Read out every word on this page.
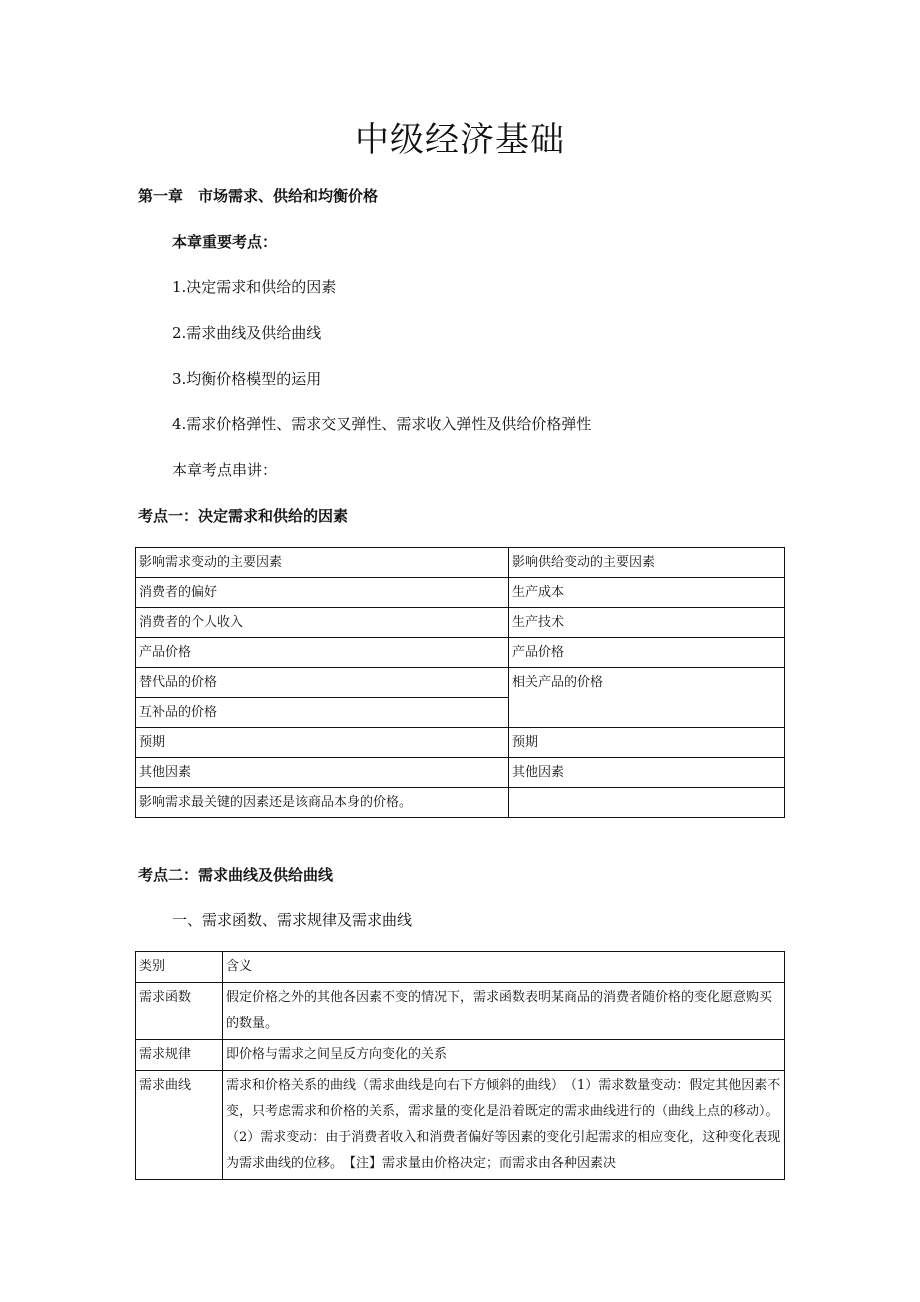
中级经济基础
第一章　市场需求、供给和均衡价格
本章重要考点：
1.决定需求和供给的因素
2.需求曲线及供给曲线
3.均衡价格模型的运用
4.需求价格弹性、需求交叉弹性、需求收入弹性及供给价格弹性
本章考点串讲：
考点一：决定需求和供给的因素
影响需求变动的主要因素	影响供给变动的主要因素
消费者的偏好	生产成本
消费者的个人收入	生产技术
产品价格	产品价格
替代品的价格	相关产品的价格
互补品的价格	
预期	预期
其他因素	其他因素
影响需求最关键的因素还是该商品本身的价格。	
考点二：需求曲线及供给曲线
一、需求函数、需求规律及需求曲线
类别	含义
需求函数	假定价格之外的其他各因素不变的情况下，需求函数表明某商品的消费者随价格的变化愿意购买的数量。
需求规律	即价格与需求之间呈反方向变化的关系
需求曲线	需求和价格关系的曲线（需求曲线是向右下方倾斜的曲线）　（1）需求数量变动：假定其他因素不变，只考虑需求和价格的关系，需求量的变化是沿着既定的需求曲线进行的（曲线上点的移动）。　（2）需求变动：由于消费者收入和消费者偏好等因素的变化引起需求的相应变化，这种变化表现为需求曲线的位移。　【注】需求量由价格决定；而需求由各种因素决
